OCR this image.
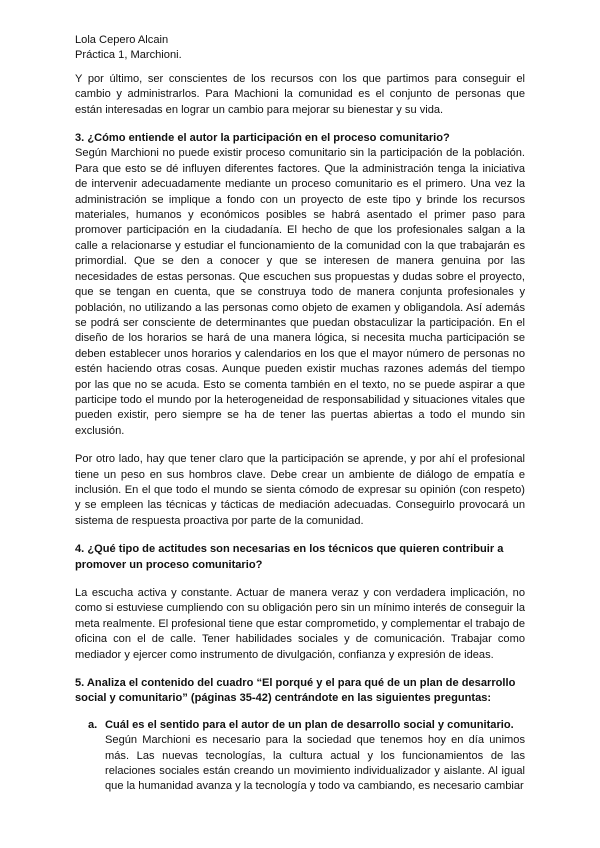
Lola Cepero Alcain

Práctica 1, Marchioni.

Y por último, ser conscientes de los recursos con los que partimos para conseguir el cambio y administrarlos. Para Machioni la comunidad es el conjunto de personas que están interesadas en lograr un cambio para mejorar su bienestar y su vida.

3. ¿Cómo entiende el autor la participación en el proceso comunitario?

Según Marchioni no puede existir proceso comunitario sin la participación de la población. Para que esto se dé influyen diferentes factores. Que la administración tenga la iniciativa de intervenir adecuadamente mediante un proceso comunitario es el primero. Una vez la administración se implique a fondo con un proyecto de este tipo y brinde los recursos materiales, humanos y económicos posibles se habrá asentado el primer paso para promover participación en la ciudadanía. El hecho de que los profesionales salgan a la calle a relacionarse y estudiar el funcionamiento de la comunidad con la que trabajarán es primordial. Que se den a conocer y que se interesen de manera genuina por las necesidades de estas personas. Que escuchen sus propuestas y dudas sobre el proyecto, que se tengan en cuenta, que se construya todo de manera conjunta profesionales y población, no utilizando a las personas como objeto de examen y obligandola. Así además se podrá ser consciente de determinantes que puedan obstaculizar la participación. En el diseño de los horarios se hará de una manera lógica, si necesita mucha participación se deben establecer unos horarios y calendarios en los que el mayor número de personas no estén haciendo otras cosas. Aunque pueden existir muchas razones además del tiempo por las que no se acuda. Esto se comenta también en el texto, no se puede aspirar a que participe todo el mundo por la heterogeneidad de responsabilidad y situaciones vitales que pueden existir, pero siempre se ha de tener las puertas abiertas a todo el mundo sin exclusión.

Por otro lado, hay que tener claro que la participación se aprende, y por ahí el profesional tiene un peso en sus hombros clave. Debe crear un ambiente de diálogo de empatía e inclusión. En el que todo el mundo se sienta cómodo de expresar su opinión (con respeto) y se empleen las técnicas y tácticas de mediación adecuadas. Conseguirlo provocará un sistema de respuesta proactiva por parte de la comunidad.

4. ¿Qué tipo de actitudes son necesarias en los técnicos que quieren contribuir a promover un proceso comunitario?

La escucha activa y constante. Actuar de manera veraz y con verdadera implicación, no como si estuviese cumpliendo con su obligación pero sin un mínimo interés de conseguir la meta realmente. El profesional tiene que estar comprometido, y complementar el trabajo de oficina con el de calle. Tener habilidades sociales y de comunicación. Trabajar como mediador y ejercer como instrumento de divulgación, confianza y expresión de ideas.

5. Analiza el contenido del cuadro “El porqué y el para qué de un plan de desarrollo social y comunitario” (páginas 35-42) centrándote en las siguientes preguntas:

a. Cuál es el sentido para el autor de un plan de desarrollo social y comunitario.

Según Marchioni es necesario para la sociedad que tenemos hoy en día unimos más. Las nuevas tecnologías, la cultura actual y los funcionamientos de las relaciones sociales están creando un movimiento individualizador y aislante. Al igual que la humanidad avanza y la tecnología y todo va cambiando, es necesario cambiar
